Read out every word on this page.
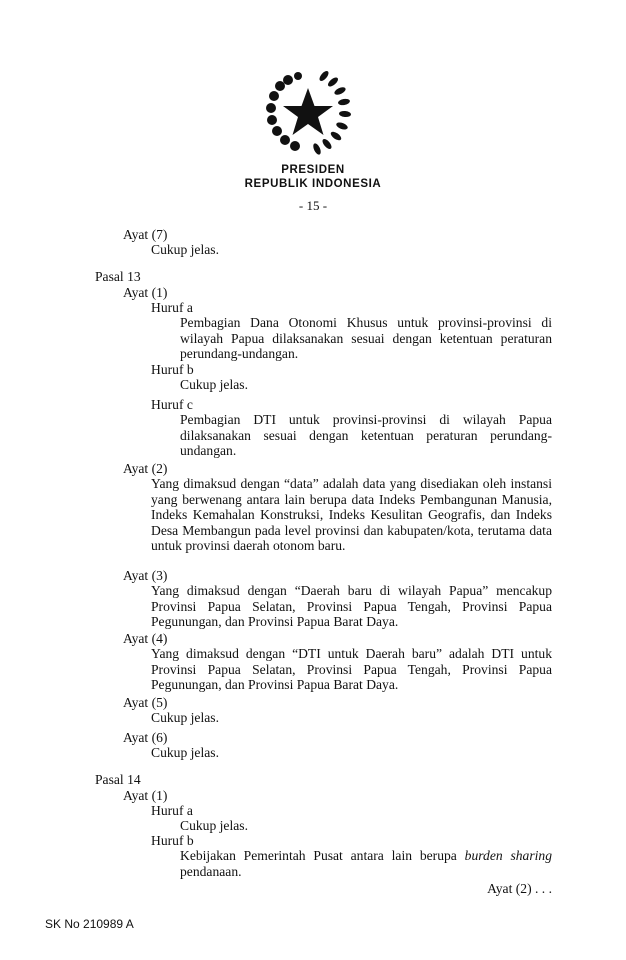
PRESIDEN
REPUBLIK INDONESIA
- 15 -
Ayat (7)
Cukup jelas.
Pasal 13
Ayat (1)
Huruf a
Pembagian Dana Otonomi Khusus untuk provinsi-provinsi di wilayah Papua dilaksanakan sesuai dengan ketentuan peraturan perundang-undangan.
Huruf b
Cukup jelas.
Huruf c
Pembagian DTI untuk provinsi-provinsi di wilayah Papua dilaksanakan sesuai dengan ketentuan peraturan perundang-undangan.
Ayat (2)
Yang dimaksud dengan “data” adalah data yang disediakan oleh instansi yang berwenang antara lain berupa data Indeks Pembangunan Manusia, Indeks Kemahalan Konstruksi, Indeks Kesulitan Geografis, dan Indeks Desa Membangun pada level provinsi dan kabupaten/kota, terutama data untuk provinsi daerah otonom baru.
Ayat (3)
Yang dimaksud dengan “Daerah baru di wilayah Papua” mencakup Provinsi Papua Selatan, Provinsi Papua Tengah, Provinsi Papua Pegunungan, dan Provinsi Papua Barat Daya.
Ayat (4)
Yang dimaksud dengan “DTI untuk Daerah baru” adalah DTI untuk Provinsi Papua Selatan, Provinsi Papua Tengah, Provinsi Papua Pegunungan, dan Provinsi Papua Barat Daya.
Ayat (5)
Cukup jelas.
Ayat (6)
Cukup jelas.
Pasal 14
Ayat (1)
Huruf a
Cukup jelas.
Huruf b
Kebijakan Pemerintah Pusat antara lain berupa burden sharing pendanaan.
Ayat (2) . . .
SK No 210989 A
